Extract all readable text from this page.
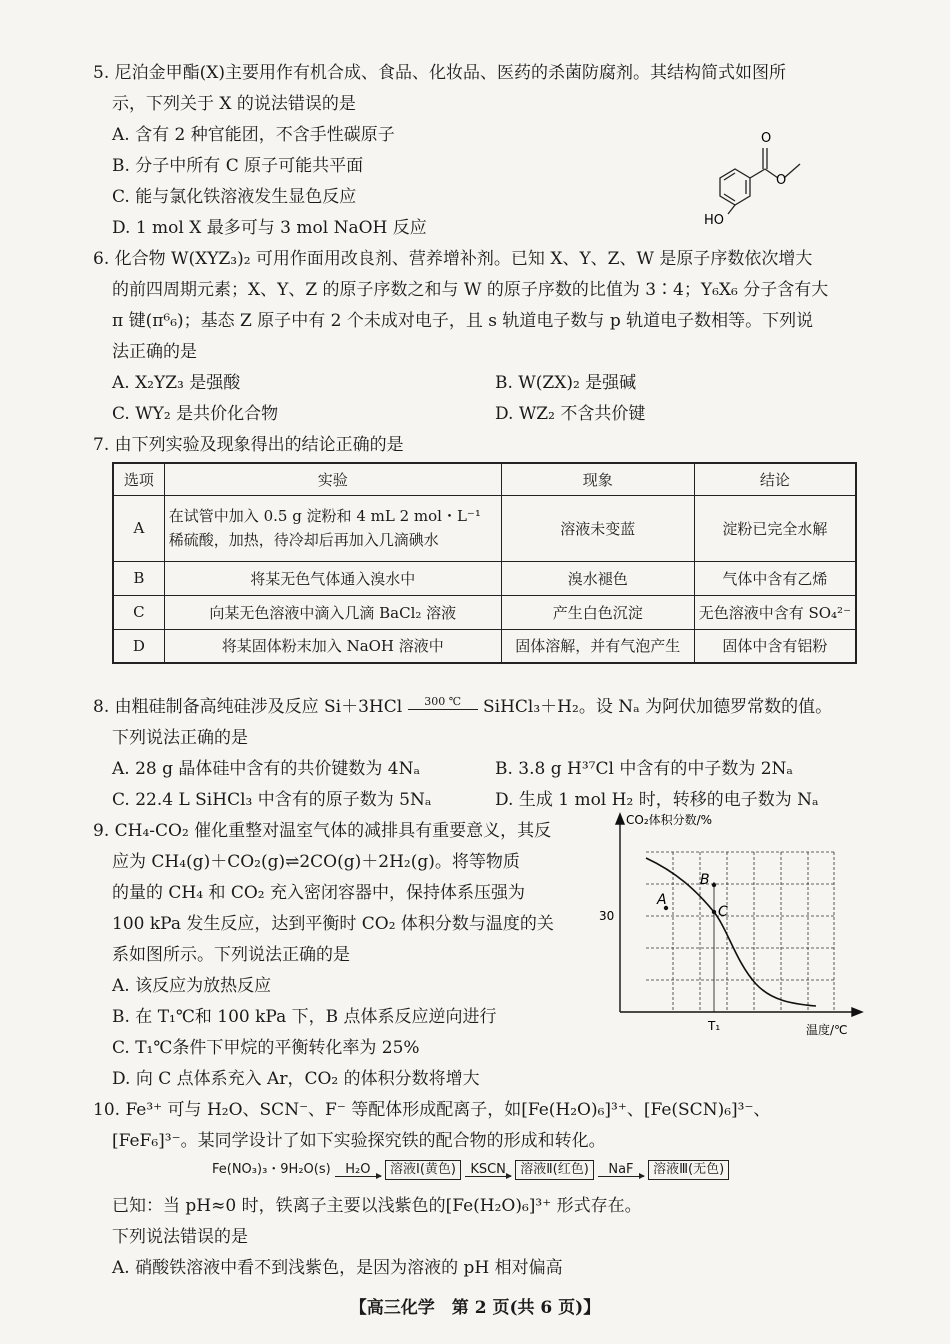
5. 尼泊金甲酯(X)主要用作有机合成、食品、化妆品、医药的杀菌防腐剂。其结构简式如图所
示，下列关于 X 的说法错误的是
A. 含有 2 种官能团，不含手性碳原子
B. 分子中所有 C 原子可能共平面
C. 能与氯化铁溶液发生显色反应
D. 1 mol X 最多可与 3 mol NaOH 反应
O
O
HO
6. 化合物 W(XYZ₃)₂ 可用作面用改良剂、营养增补剂。已知 X、Y、Z、W 是原子序数依次增大
的前四周期元素；X、Y、Z 的原子序数之和与 W 的原子序数的比值为 3∶4；Y₆X₆ 分子含有大
π 键(π⁶₆)；基态 Z 原子中有 2 个未成对电子，且 s 轨道电子数与 p 轨道电子数相等。下列说
法正确的是
A. X₂YZ₃ 是强酸	B. W(ZX)₂ 是强碱
C. WY₂ 是共价化合物	D. WZ₂ 不含共价键
7. 由下列实验及现象得出的结论正确的是
选项	实验	现象	结论
A	在试管中加入 0.5 g 淀粉和 4 mL 2 mol・L⁻¹ 稀硫酸，加热，待冷却后再加入几滴碘水	溶液未变蓝	淀粉已完全水解
B	将某无色气体通入溴水中	溴水褪色	气体中含有乙烯
C	向某无色溶液中滴入几滴 BaCl₂ 溶液	产生白色沉淀	无色溶液中含有 SO₄²⁻
D	将某固体粉末加入 NaOH 溶液中	固体溶解，并有气泡产生	固体中含有铝粉
8. 由粗硅制备高纯硅涉及反应 Si＋3HCl	300 ℃	SiHCl₃＋H₂。设 Nₐ 为阿伏加德罗常数的值。
下列说法正确的是
A. 28 g 晶体硅中含有的共价键数为 4Nₐ	B. 3.8 g H³⁷Cl 中含有的中子数为 2Nₐ
C. 22.4 L SiHCl₃ 中含有的原子数为 5Nₐ	D. 生成 1 mol H₂ 时，转移的电子数为 Nₐ
9. CH₄-CO₂ 催化重整对温室气体的减排具有重要意义，其反
应为 CH₄(g)＋CO₂(g)⇌2CO(g)＋2H₂(g)。将等物质
的量的 CH₄ 和 CO₂ 充入密闭容器中，保持体系压强为
100 kPa 发生反应，达到平衡时 CO₂ 体积分数与温度的关
系如图所示。下列说法正确的是
A. 该反应为放热反应
B. 在 T₁℃和 100 kPa 下，B 点体系反应逆向进行
C. T₁℃条件下甲烷的平衡转化率为 25%
D. 向 C 点体系充入 Ar，CO₂ 的体积分数将增大
A
B
C
30
T₁
CO₂体积分数/%
温度/℃
10. Fe³⁺ 可与 H₂O、SCN⁻、F⁻ 等配体形成配离子，如[Fe(H₂O)₆]³⁺、[Fe(SCN)₆]³⁻、
[FeF₆]³⁻。某同学设计了如下实验探究铁的配合物的形成和转化。
Fe(NO₃)₃・9H₂O(s)	H₂O	溶液Ⅰ(黄色)	KSCN	溶液Ⅱ(红色)	NaF	溶液Ⅲ(无色)
已知：当 pH≈0 时，铁离子主要以浅紫色的[Fe(H₂O)₆]³⁺ 形式存在。
下列说法错误的是
A. 硝酸铁溶液中看不到浅紫色，是因为溶液的 pH 相对偏高
【高三化学　第 2 页(共 6 页)】
